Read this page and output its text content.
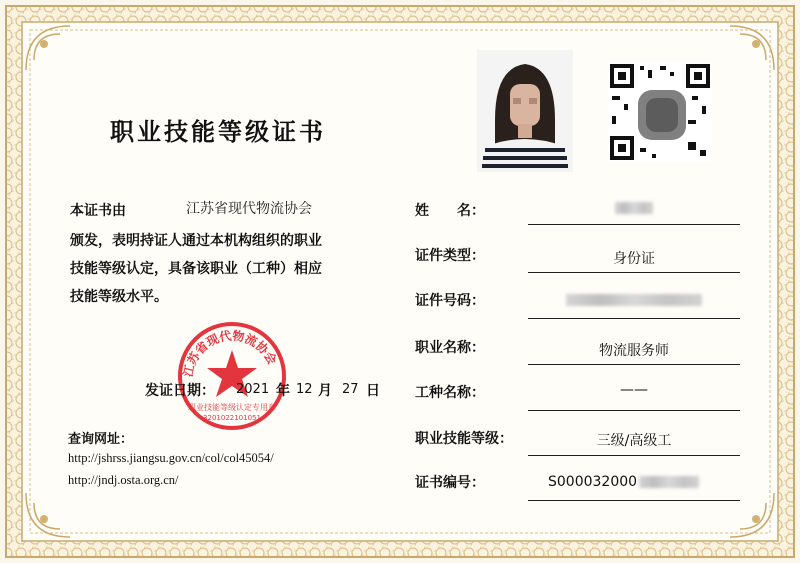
职业技能等级证书
本证书由	江苏省现代物流协会
颁发，表明持证人通过本机构组织的职业
技能等级认定，具备该职业（工种）相应
技能等级水平。
江苏省现代物流协会
职业技能等级认定专用章
3201022101051
发证日期： 2021 年 12 月 27 日
查询网址：
http://jshrss.jiangsu.gov.cn/col/col45054/
http://jndj.osta.org.cn/
姓　　名：
证件类型：	身份证
证件号码：
职业名称：	物流服务师
工种名称：	——
职业技能等级：	三级/高级工
证书编号：	S000032000
